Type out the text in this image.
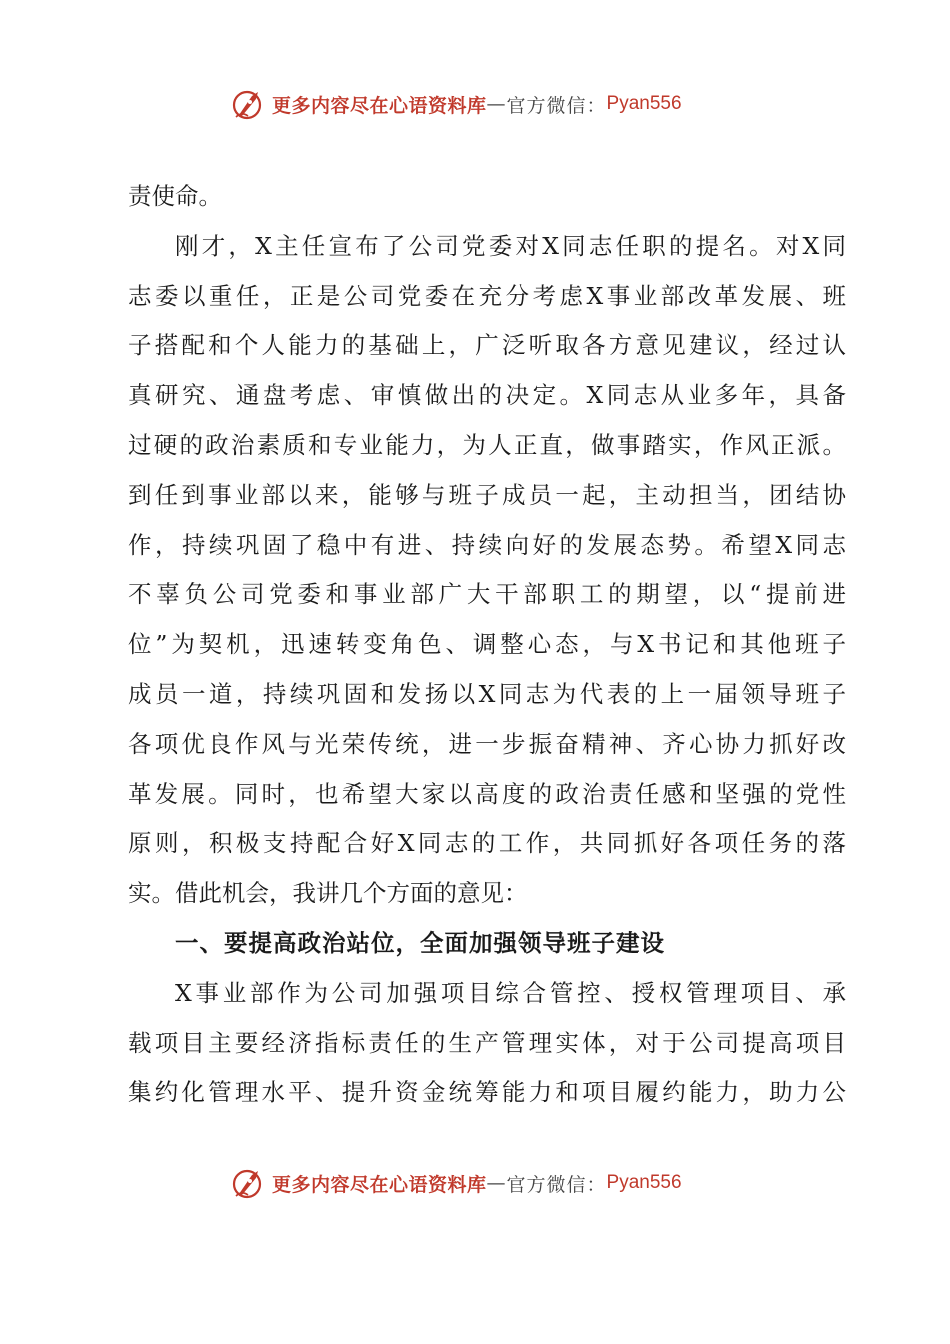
更多内容尽在心语资料库 — 官方微信： Pyan556
责使命。
刚才，X主任宣布了公司党委对X同志任职的提名。对X同
志委以重任，正是公司党委在充分考虑X事业部改革发展、班
子搭配和个人能力的基础上，广泛听取各方意见建议，经过认
真研究、通盘考虑、审慎做出的决定。X同志从业多年，具备
过硬的政治素质和专业能力，为人正直，做事踏实，作风正派。
到任到事业部以来，能够与班子成员一起，主动担当，团结协
作，持续巩固了稳中有进、持续向好的发展态势。希望X同志
不辜负公司党委和事业部广大干部职工的期望，以“提前进
位”为契机，迅速转变角色、调整心态，与X书记和其他班子
成员一道，持续巩固和发扬以X同志为代表的上一届领导班子
各项优良作风与光荣传统，进一步振奋精神、齐心协力抓好改
革发展。同时，也希望大家以高度的政治责任感和坚强的党性
原则，积极支持配合好X同志的工作，共同抓好各项任务的落
实。借此机会，我讲几个方面的意见：
一、要提高政治站位，全面加强领导班子建设
X事业部作为公司加强项目综合管控、授权管理项目、承
载项目主要经济指标责任的生产管理实体，对于公司提高项目
集约化管理水平、提升资金统筹能力和项目履约能力，助力公
更多内容尽在心语资料库 — 官方微信： Pyan556
